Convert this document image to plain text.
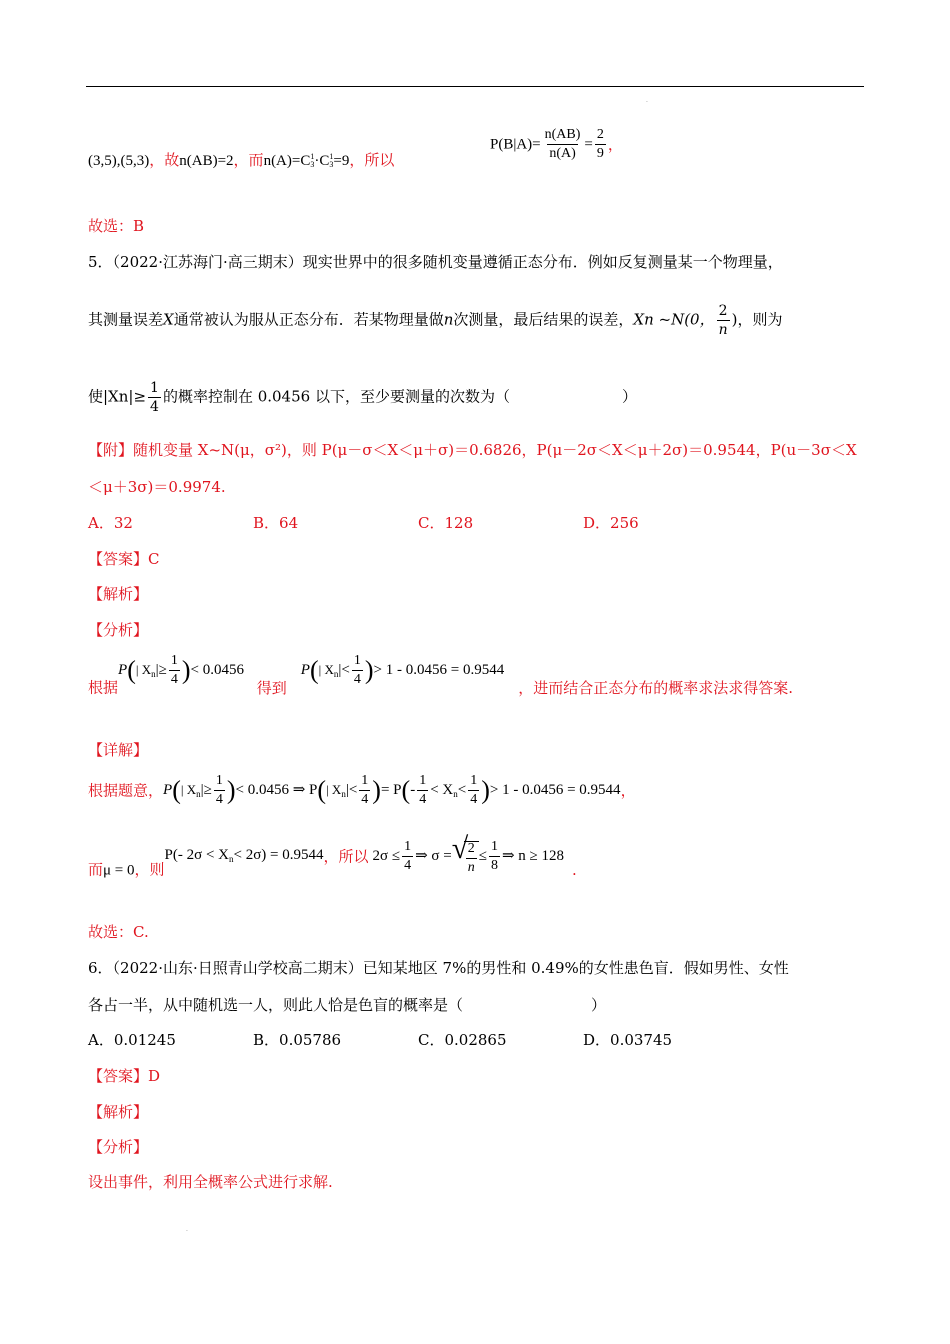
.
(3,5),(5,3)，故n(AB)=2，而n(A)=C 1
3 ·C 1
3 =9，所以
$P(B|A)= \frac{n(AB)}{n(A)} = \frac{2}{9}$ ，
故选：B
5．（2022·江苏海门·高三期末）现实世界中的很多随机变量遵循正态分布．例如反复测量某一个物理量，
其测量误差X通常被认为服从正态分布．若某物理量做n次测量，最后结果的误差，Xn ~N(0， $\frac{2}{n}$ )，则为
使$|Xn|\ge \frac{1}{4}$ 的概率控制在 0.0456 以下，至少要测量的次数为（	）
【附】随机变量 X~N(μ，σ²)，则 P(μ－σ＜X＜μ＋σ)＝0.6826，P(μ－2σ＜X＜μ＋2σ)＝0.9544，P(u－3σ＜X
＜μ＋3σ)＝0.9974.
A．32	B．64	C．128	D．256
【答案】C
【解析】
【分析】
根据P(| $X_n|\ge \frac{1}{4}$ )< 0.0456 得到P(| $X_n|< \frac{1}{4}$ )> 1 - 0.0456 = 0.9544，进而结合正态分布的概率求法求得答案.
【详解】
根据题意，P(| $X_n|\ge \frac{1}{4}$ )< 0.0456 ⇒ P(| $X_n|< \frac{1}{4}$ )= $P(- \frac{1}{4} < X_n< \frac{1}{4}$ )> 1 - 0.0456 = 0.9544，
而μ = 0，则P(- $2\sigma < X_n< 2\sigma) = 0.9544$，所以 $2\sigma \le \frac{1}{4}$ ⇒ σ = √
$\frac{2}{n} \le \frac{1}{8}$ ⇒ n ≥ 128.
故选：C.
6．（2022·山东·日照青山学校高二期末）已知某地区 7%的男性和 0.49%的女性患色盲．假如男性、女性
各占一半，从中随机选一人，则此人恰是色盲的概率是（	）
A．0.01245	B．0.05786	C．0.02865	D．0.03745
【答案】D
【解析】
【分析】
设出事件，利用全概率公式进行求解.
.
